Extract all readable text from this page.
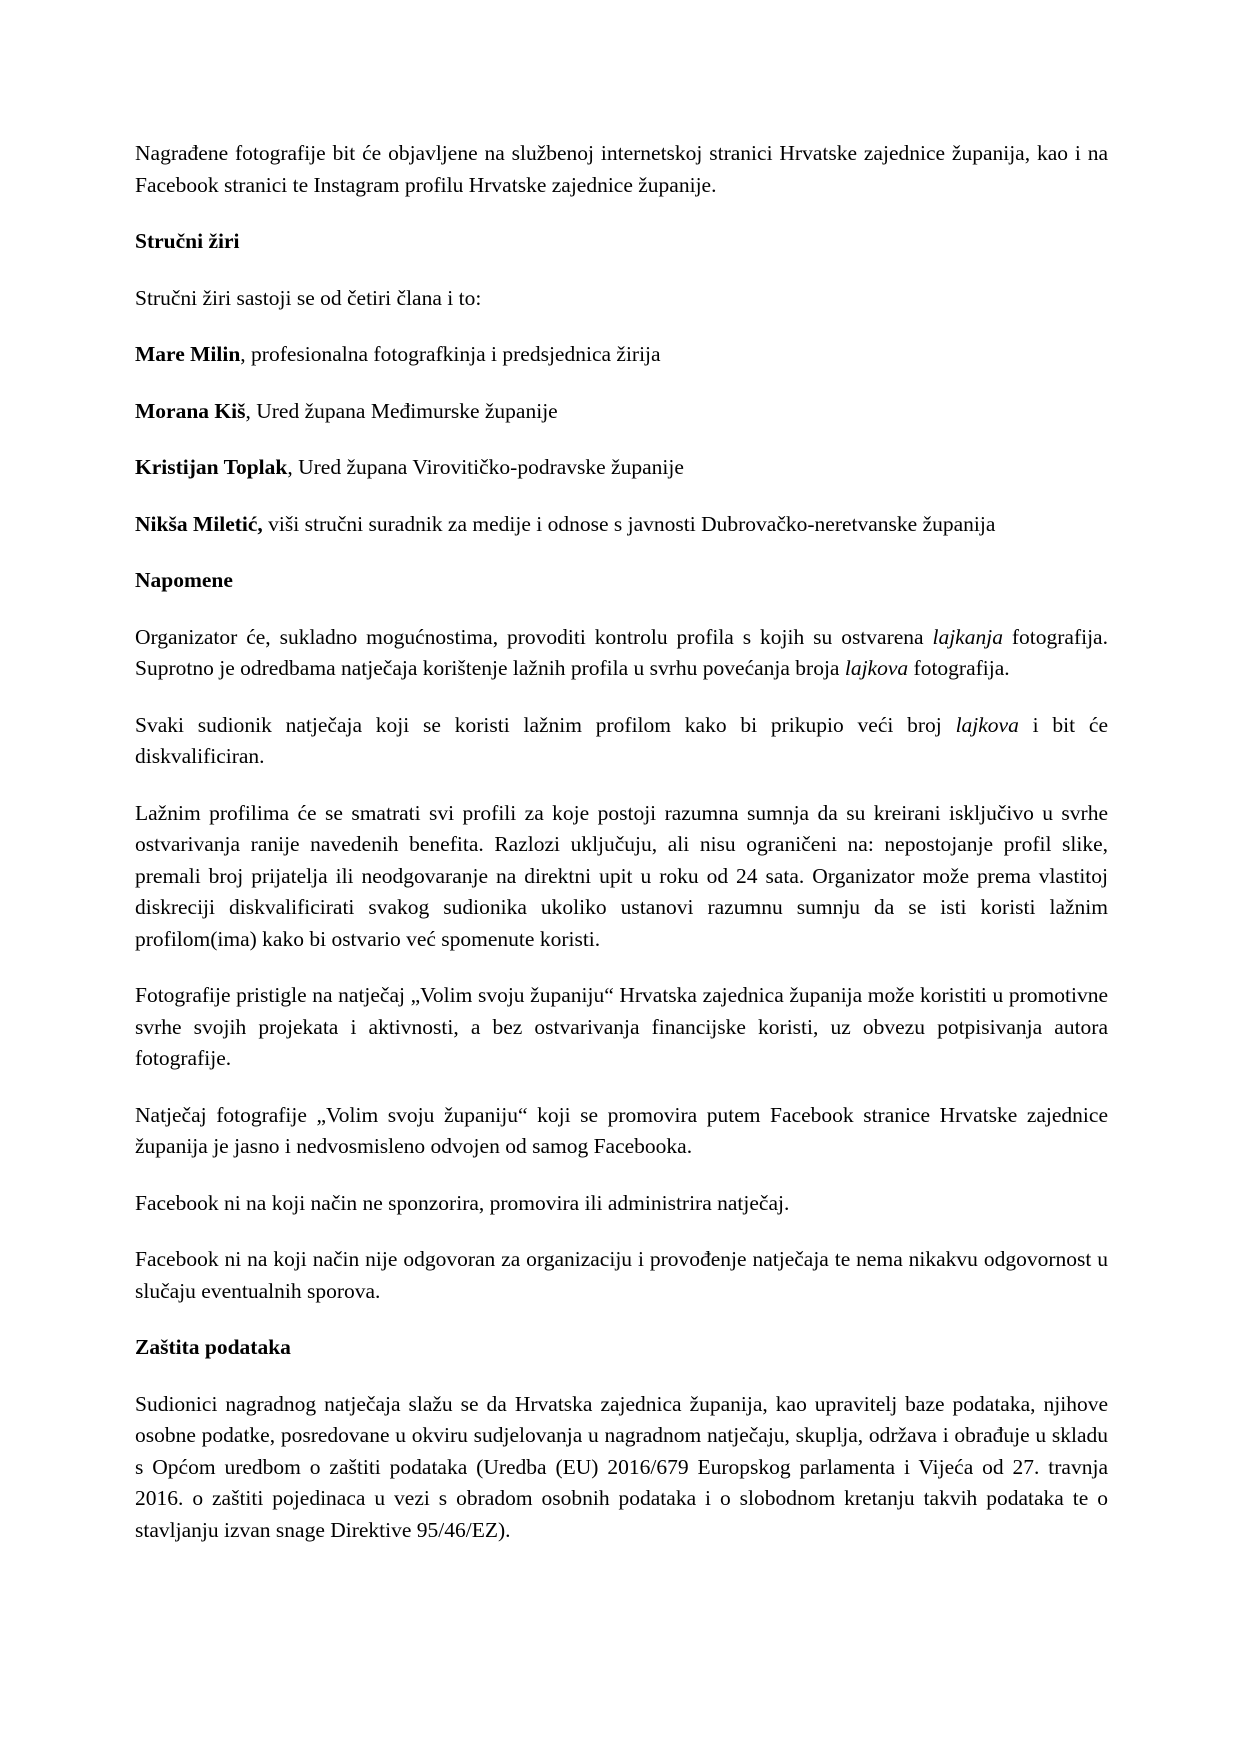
Nagrađene fotografije bit će objavljene na službenoj internetskoj stranici Hrvatske zajednice županija, kao i na Facebook stranici te Instagram profilu Hrvatske zajednice županije.

Stručni žiri

Stručni žiri sastoji se od četiri člana i to:

Mare Milin, profesionalna fotografkinja i predsjednica žirija

Morana Kiš, Ured župana Međimurske županije

Kristijan Toplak, Ured župana Virovitičko-podravske županije

Nikša Miletić, viši stručni suradnik za medije i odnose s javnosti Dubrovačko-neretvanske županija

Napomene

Organizator će, sukladno mogućnostima, provoditi kontrolu profila s kojih su ostvarena lajkanja fotografija. Suprotno je odredbama natječaja korištenje lažnih profila u svrhu povećanja broja lajkova fotografija.

Svaki sudionik natječaja koji se koristi lažnim profilom kako bi prikupio veći broj lajkova i bit će diskvalificiran.

Lažnim profilima će se smatrati svi profili za koje postoji razumna sumnja da su kreirani isključivo u svrhe ostvarivanja ranije navedenih benefita. Razlozi uključuju, ali nisu ograničeni na: nepostojanje profil slike, premali broj prijatelja ili neodgovaranje na direktni upit u roku od 24 sata. Organizator može prema vlastitoj diskreciji diskvalificirati svakog sudionika ukoliko ustanovi razumnu sumnju da se isti koristi lažnim profilom(ima) kako bi ostvario već spomenute koristi.

Fotografije pristigle na natječaj „Volim svoju županiju“ Hrvatska zajednica županija može koristiti u promotivne svrhe svojih projekata i aktivnosti, a bez ostvarivanja financijske koristi, uz obvezu potpisivanja autora fotografije.

Natječaj fotografije „Volim svoju županiju“ koji se promovira putem Facebook stranice Hrvatske zajednice županija je jasno i nedvosmisleno odvojen od samog Facebooka.

Facebook ni na koji način ne sponzorira, promovira ili administrira natječaj.

Facebook ni na koji način nije odgovoran za organizaciju i provođenje natječaja te nema nikakvu odgovornost u slučaju eventualnih sporova.

Zaštita podataka

Sudionici nagradnog natječaja slažu se da Hrvatska zajednica županija, kao upravitelj baze podataka, njihove osobne podatke, posredovane u okviru sudjelovanja u nagradnom natječaju, skuplja, održava i obrađuje u skladu s Općom uredbom o zaštiti podataka (Uredba (EU) 2016/679 Europskog parlamenta i Vijeća od 27. travnja 2016. o zaštiti pojedinaca u vezi s obradom osobnih podataka i o slobodnom kretanju takvih podataka te o stavljanju izvan snage Direktive 95/46/EZ).
